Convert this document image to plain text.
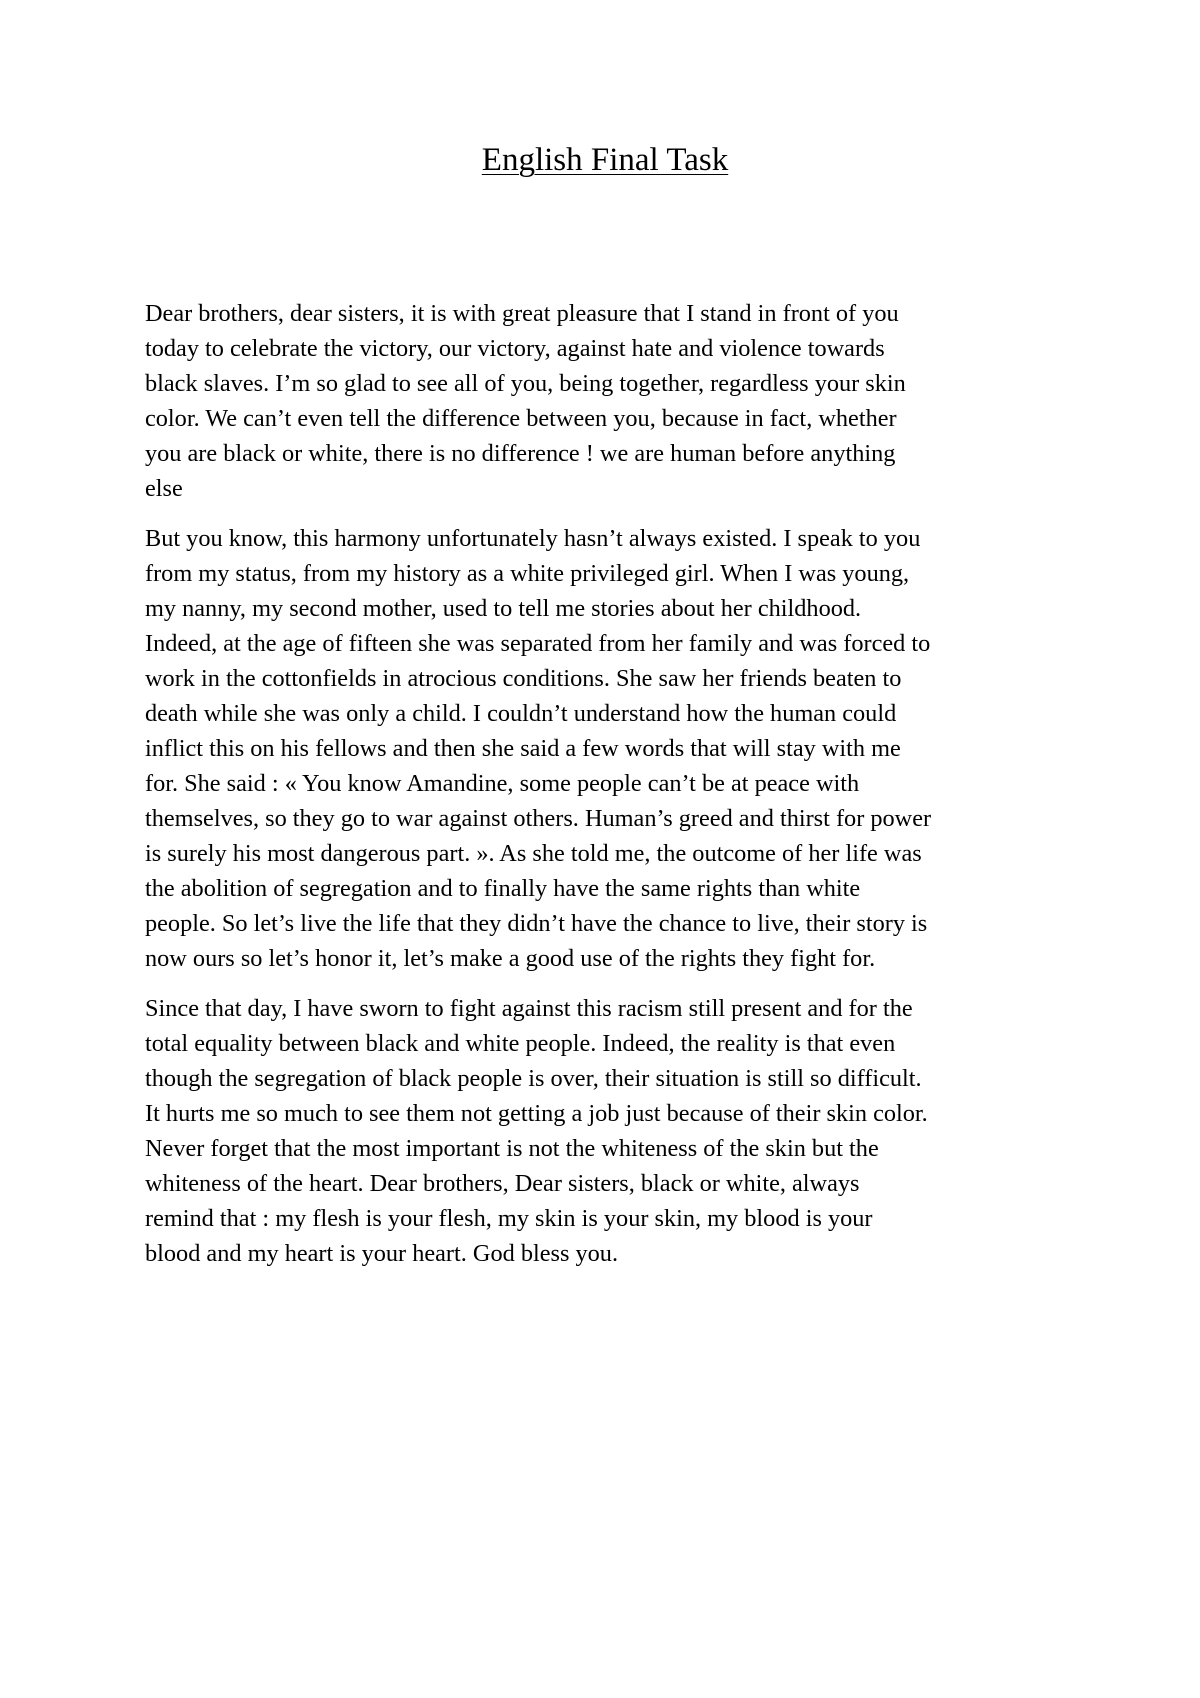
English Final Task

Dear brothers, dear sisters, it is with great pleasure that I stand in front of you
today to celebrate the victory, our victory, against hate and violence towards
black slaves. I’m so glad to see all of you, being together, regardless your skin
color. We can’t even tell the difference between you, because in fact, whether
you are black or white, there is no difference ! we are human before anything
else

But you know, this harmony unfortunately hasn’t always existed. I speak to you
from my status, from my history as a white privileged girl. When I was young,
my nanny, my second mother, used to tell me stories about her childhood.
Indeed, at the age of fifteen she was separated from her family and was forced to
work in the cottonfields in atrocious conditions. She saw her friends beaten to
death while she was only a child. I couldn’t understand how the human could
inflict this on his fellows and then she said a few words that will stay with me
for. She said : « You know Amandine, some people can’t be at peace with
themselves, so they go to war against others. Human’s greed and thirst for power
is surely his most dangerous part. ». As she told me, the outcome of her life was
the abolition of segregation and to finally have the same rights than white
people. So let’s live the life that they didn’t have the chance to live, their story is
now ours so let’s honor it, let’s make a good use of the rights they fight for.

Since that day, I have sworn to fight against this racism still present and for the
total equality between black and white people. Indeed, the reality is that even
though the segregation of black people is over, their situation is still so difficult.
It hurts me so much to see them not getting a job just because of their skin color.
Never forget that the most important is not the whiteness of the skin but the
whiteness of the heart. Dear brothers, Dear sisters, black or white, always
remind that : my flesh is your flesh, my skin is your skin, my blood is your
blood and my heart is your heart. God bless you.
